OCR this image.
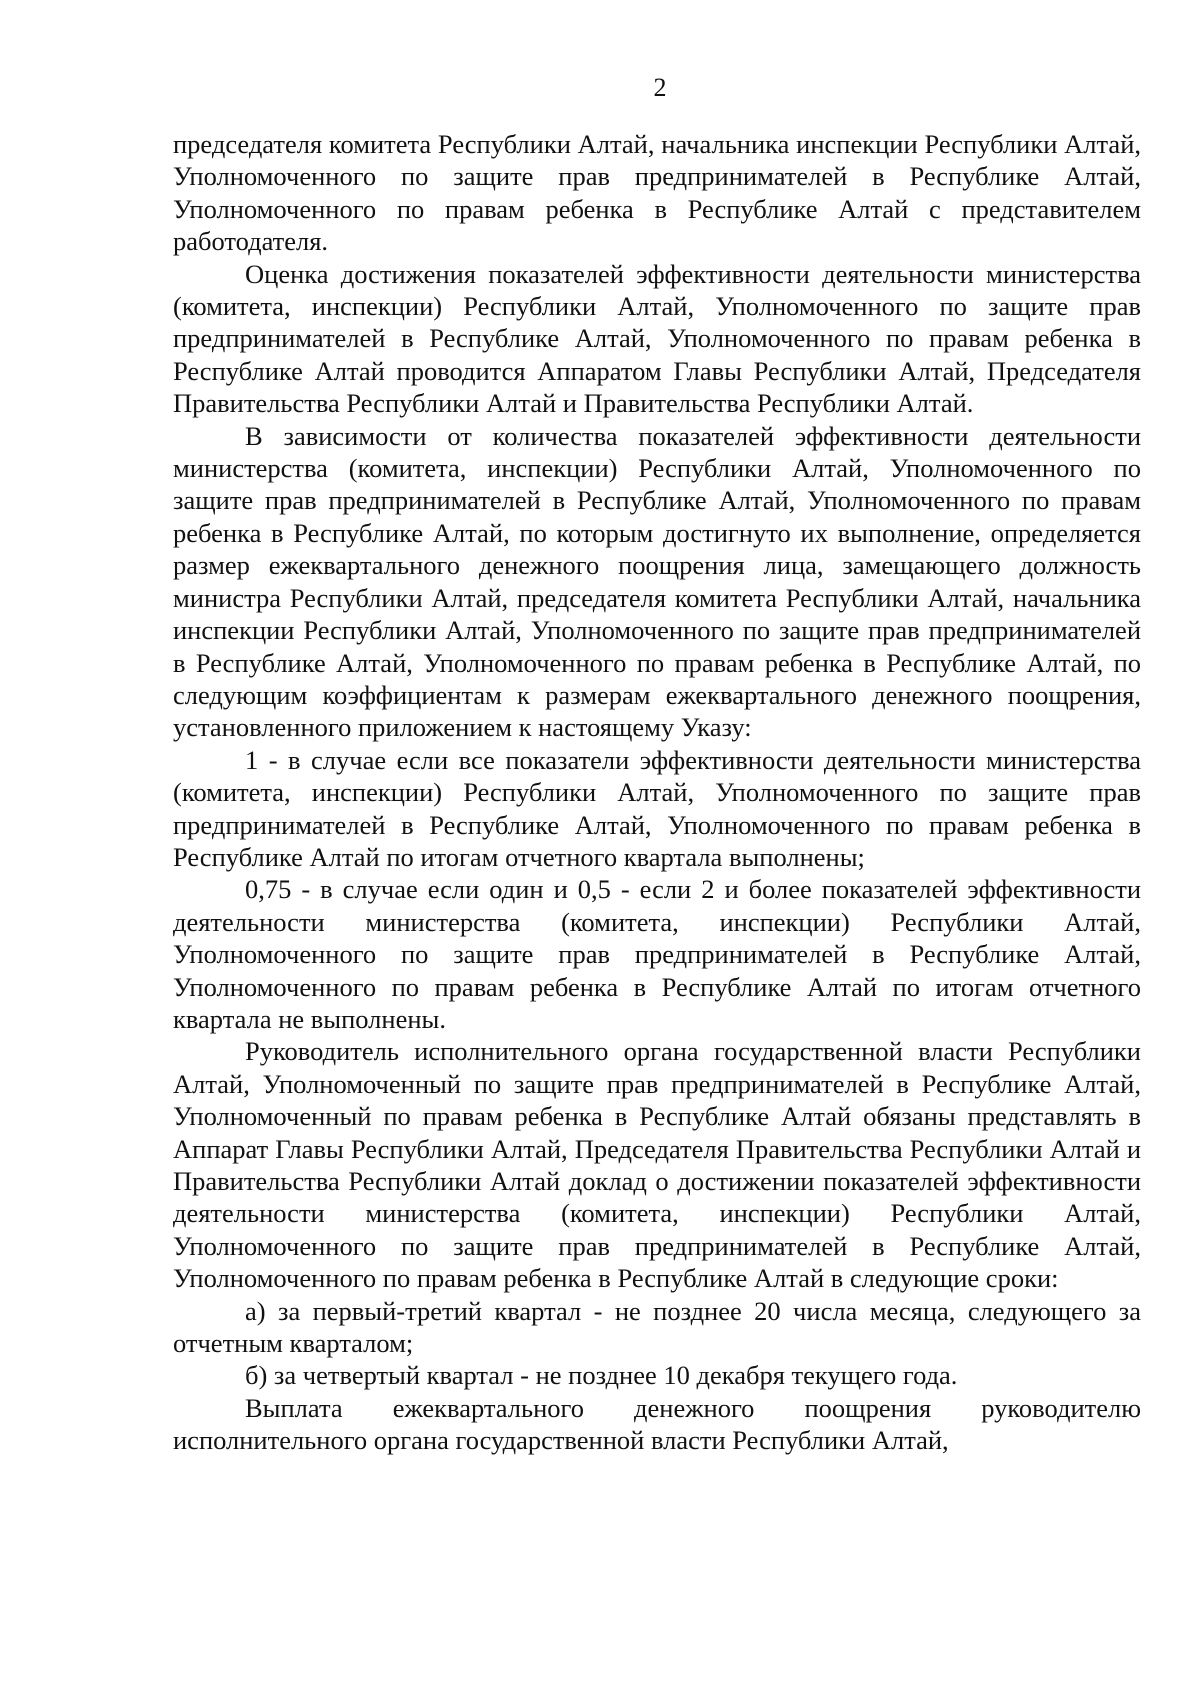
2

председателя комитета Республики Алтай, начальника инспекции Республики Алтай, Уполномоченного по защите прав предпринимателей в Республике Алтай, Уполномоченного по правам ребенка в Республике Алтай с представителем работодателя.

Оценка достижения показателей эффективности деятельности министерства (комитета, инспекции) Республики Алтай, Уполномоченного по защите прав предпринимателей в Республике Алтай, Уполномоченного по правам ребенка в Республике Алтай проводится Аппаратом Главы Республики Алтай, Председателя Правительства Республики Алтай и Правительства Республики Алтай.

В зависимости от количества показателей эффективности деятельности министерства (комитета, инспекции) Республики Алтай, Уполномоченного по защите прав предпринимателей в Республике Алтай, Уполномоченного по правам ребенка в Республике Алтай, по которым достигнуто их выполнение, определяется размер ежеквартального денежного поощрения лица, замещающего должность министра Республики Алтай, председателя комитета Республики Алтай, начальника инспекции Республики Алтай, Уполномоченного по защите прав предпринимателей в Республике Алтай, Уполномоченного по правам ребенка в Республике Алтай, по следующим коэффициентам к размерам ежеквартального денежного поощрения, установленного приложением к настоящему Указу:

1 - в случае если все показатели эффективности деятельности министерства (комитета, инспекции) Республики Алтай, Уполномоченного по защите прав предпринимателей в Республике Алтай, Уполномоченного по правам ребенка в Республике Алтай по итогам отчетного квартала выполнены;

0,75 - в случае если один и 0,5 - если 2 и более показателей эффективности деятельности министерства (комитета, инспекции) Республики Алтай, Уполномоченного по защите прав предпринимателей в Республике Алтай, Уполномоченного по правам ребенка в Республике Алтай по итогам отчетного квартала не выполнены.

Руководитель исполнительного органа государственной власти Республики Алтай, Уполномоченный по защите прав предпринимателей в Республике Алтай, Уполномоченный по правам ребенка в Республике Алтай обязаны представлять в Аппарат Главы Республики Алтай, Председателя Правительства Республики Алтай и Правительства Республики Алтай доклад о достижении показателей эффективности деятельности министерства (комитета, инспекции) Республики Алтай, Уполномоченного по защите прав предпринимателей в Республике Алтай, Уполномоченного по правам ребенка в Республике Алтай в следующие сроки:

а) за первый-третий квартал - не позднее 20 числа месяца, следующего за отчетным кварталом;

б) за четвертый квартал - не позднее 10 декабря текущего года.

Выплата ежеквартального денежного поощрения руководителю исполнительного органа государственной власти Республики Алтай,
